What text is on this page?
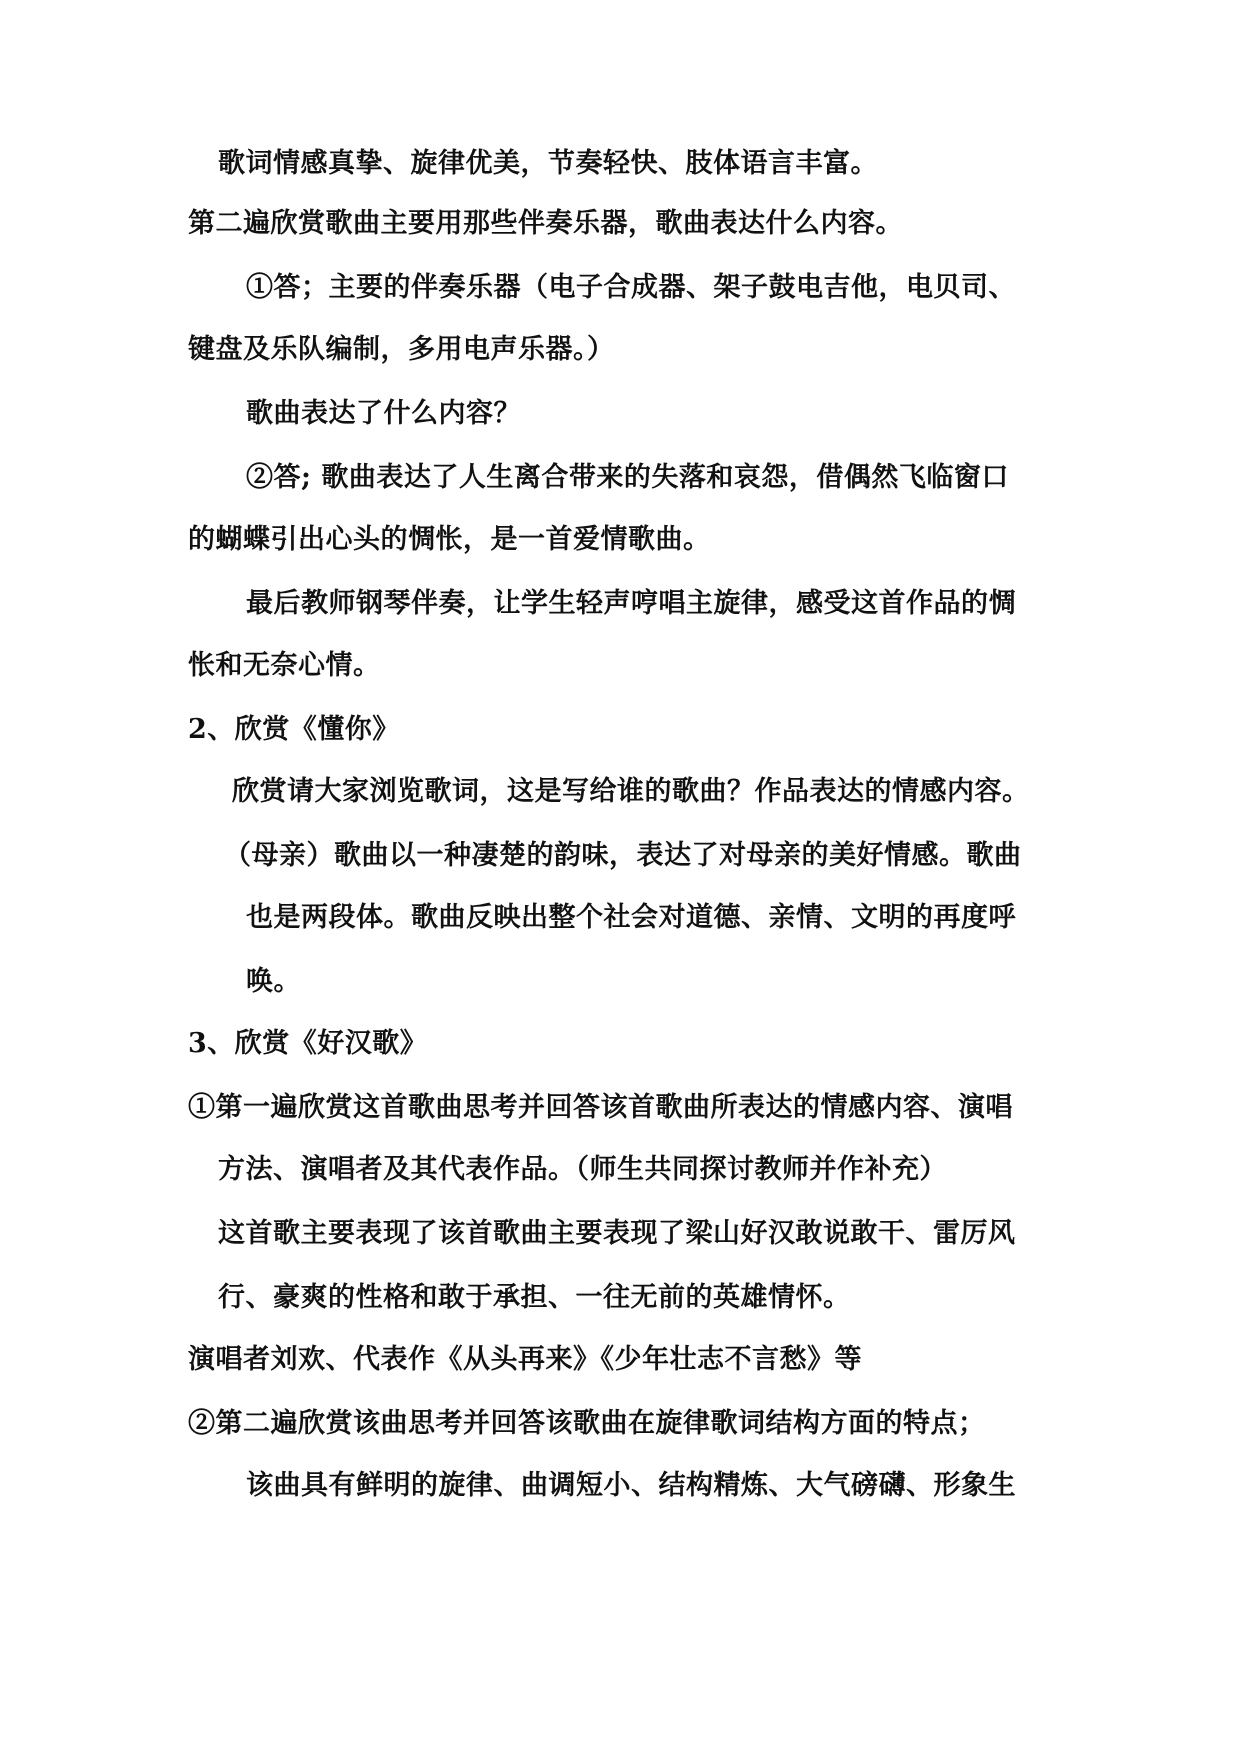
歌词情感真挚、旋律优美，节奏轻快、肢体语言丰富。
第二遍欣赏歌曲主要用那些伴奏乐器，歌曲表达什么内容。
①答；主要的伴奏乐器（电子合成器、架子鼓电吉他，电贝司、
键盘及乐队编制，多用电声乐器。）
歌曲表达了什么内容？
②答; 歌曲表达了人生离合带来的失落和哀怨，借偶然飞临窗口
的蝴蝶引出心头的惆怅，是一首爱情歌曲。
最后教师钢琴伴奏，让学生轻声哼唱主旋律，感受这首作品的惆
怅和无奈心情。
2、欣赏《懂你》
欣赏请大家浏览歌词，这是写给谁的歌曲？作品表达的情感内容。
（母亲）歌曲以一种凄楚的韵味，表达了对母亲的美好情感。歌曲
也是两段体。歌曲反映出整个社会对道德、亲情、文明的再度呼
唤。
3、欣赏《好汉歌》
①第一遍欣赏这首歌曲思考并回答该首歌曲所表达的情感内容、演唱
方法、演唱者及其代表作品。（师生共同探讨教师并作补充）
这首歌主要表现了该首歌曲主要表现了梁山好汉敢说敢干、雷厉风
行、豪爽的性格和敢于承担、一往无前的英雄情怀。
演唱者刘欢、代表作《从头再来》《少年壮志不言愁》等
②第二遍欣赏该曲思考并回答该歌曲在旋律歌词结构方面的特点；
该曲具有鲜明的旋律、曲调短小、结构精炼、大气磅礴、形象生
